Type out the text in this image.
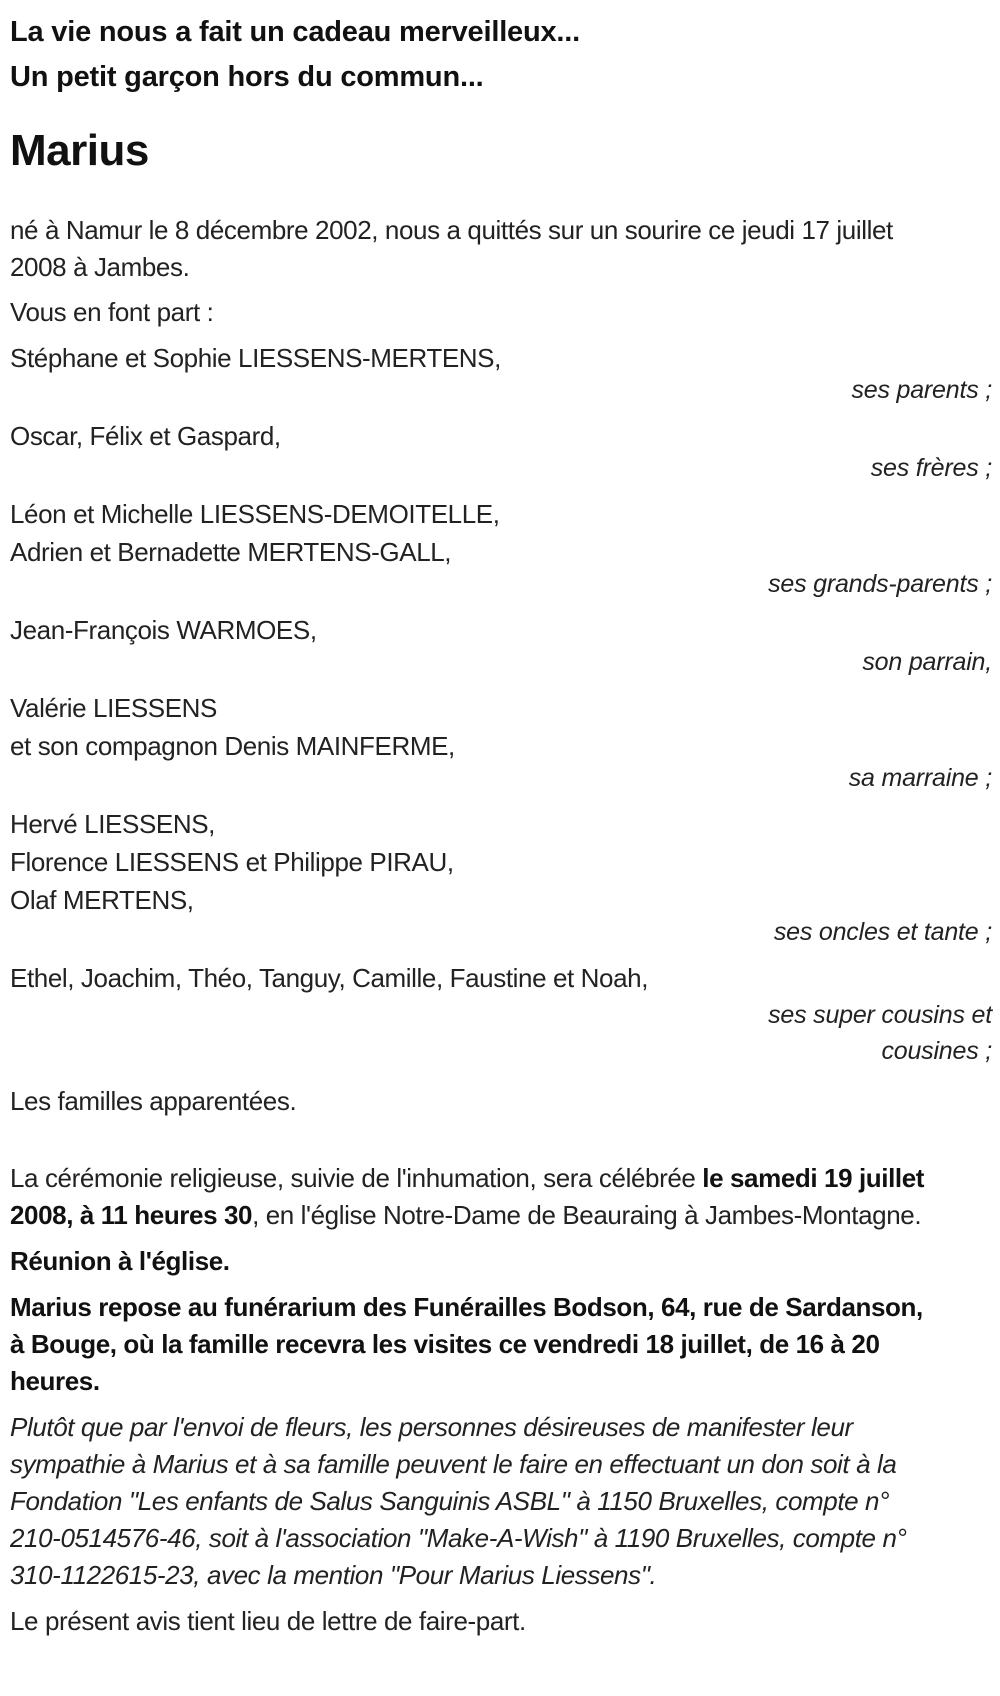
La vie nous a fait un cadeau merveilleux...
Un petit garçon hors du commun...
Marius

né à Namur le 8 décembre 2002, nous a quittés sur un sourire ce jeudi 17 juillet 2008 à Jambes.

Vous en font part :

Stéphane et Sophie LIESSENS-MERTENS,
ses parents ;
Oscar, Félix et Gaspard,
ses frères ;
Léon et Michelle LIESSENS-DEMOITELLE,
Adrien et Bernadette MERTENS-GALL,
ses grands-parents ;
Jean-François WARMOES,
son parrain,
Valérie LIESSENS
et son compagnon Denis MAINFERME,
sa marraine ;
Hervé LIESSENS,
Florence LIESSENS et Philippe PIRAU,
Olaf MERTENS,
ses oncles et tante ;
Ethel, Joachim, Théo, Tanguy, Camille, Faustine et Noah,
ses super cousins et cousines ;

Les familles apparentées.

La cérémonie religieuse, suivie de l'inhumation, sera célébrée le samedi 19 juillet 2008, à 11 heures 30, en l'église Notre-Dame de Beauraing à Jambes-Montagne.

Réunion à l'église.

Marius repose au funérarium des Funérailles Bodson, 64, rue de Sardanson, à Bouge, où la famille recevra les visites ce vendredi 18 juillet, de 16 à 20 heures.

Plutôt que par l'envoi de fleurs, les personnes désireuses de manifester leur sympathie à Marius et à sa famille peuvent le faire en effectuant un don soit à la Fondation "Les enfants de Salus Sanguinis ASBL" à 1150 Bruxelles, compte n° 210-0514576-46, soit à l'association "Make-A-Wish" à 1190 Bruxelles, compte n° 310-1122615-23, avec la mention "Pour Marius Liessens".

Le présent avis tient lieu de lettre de faire-part.
